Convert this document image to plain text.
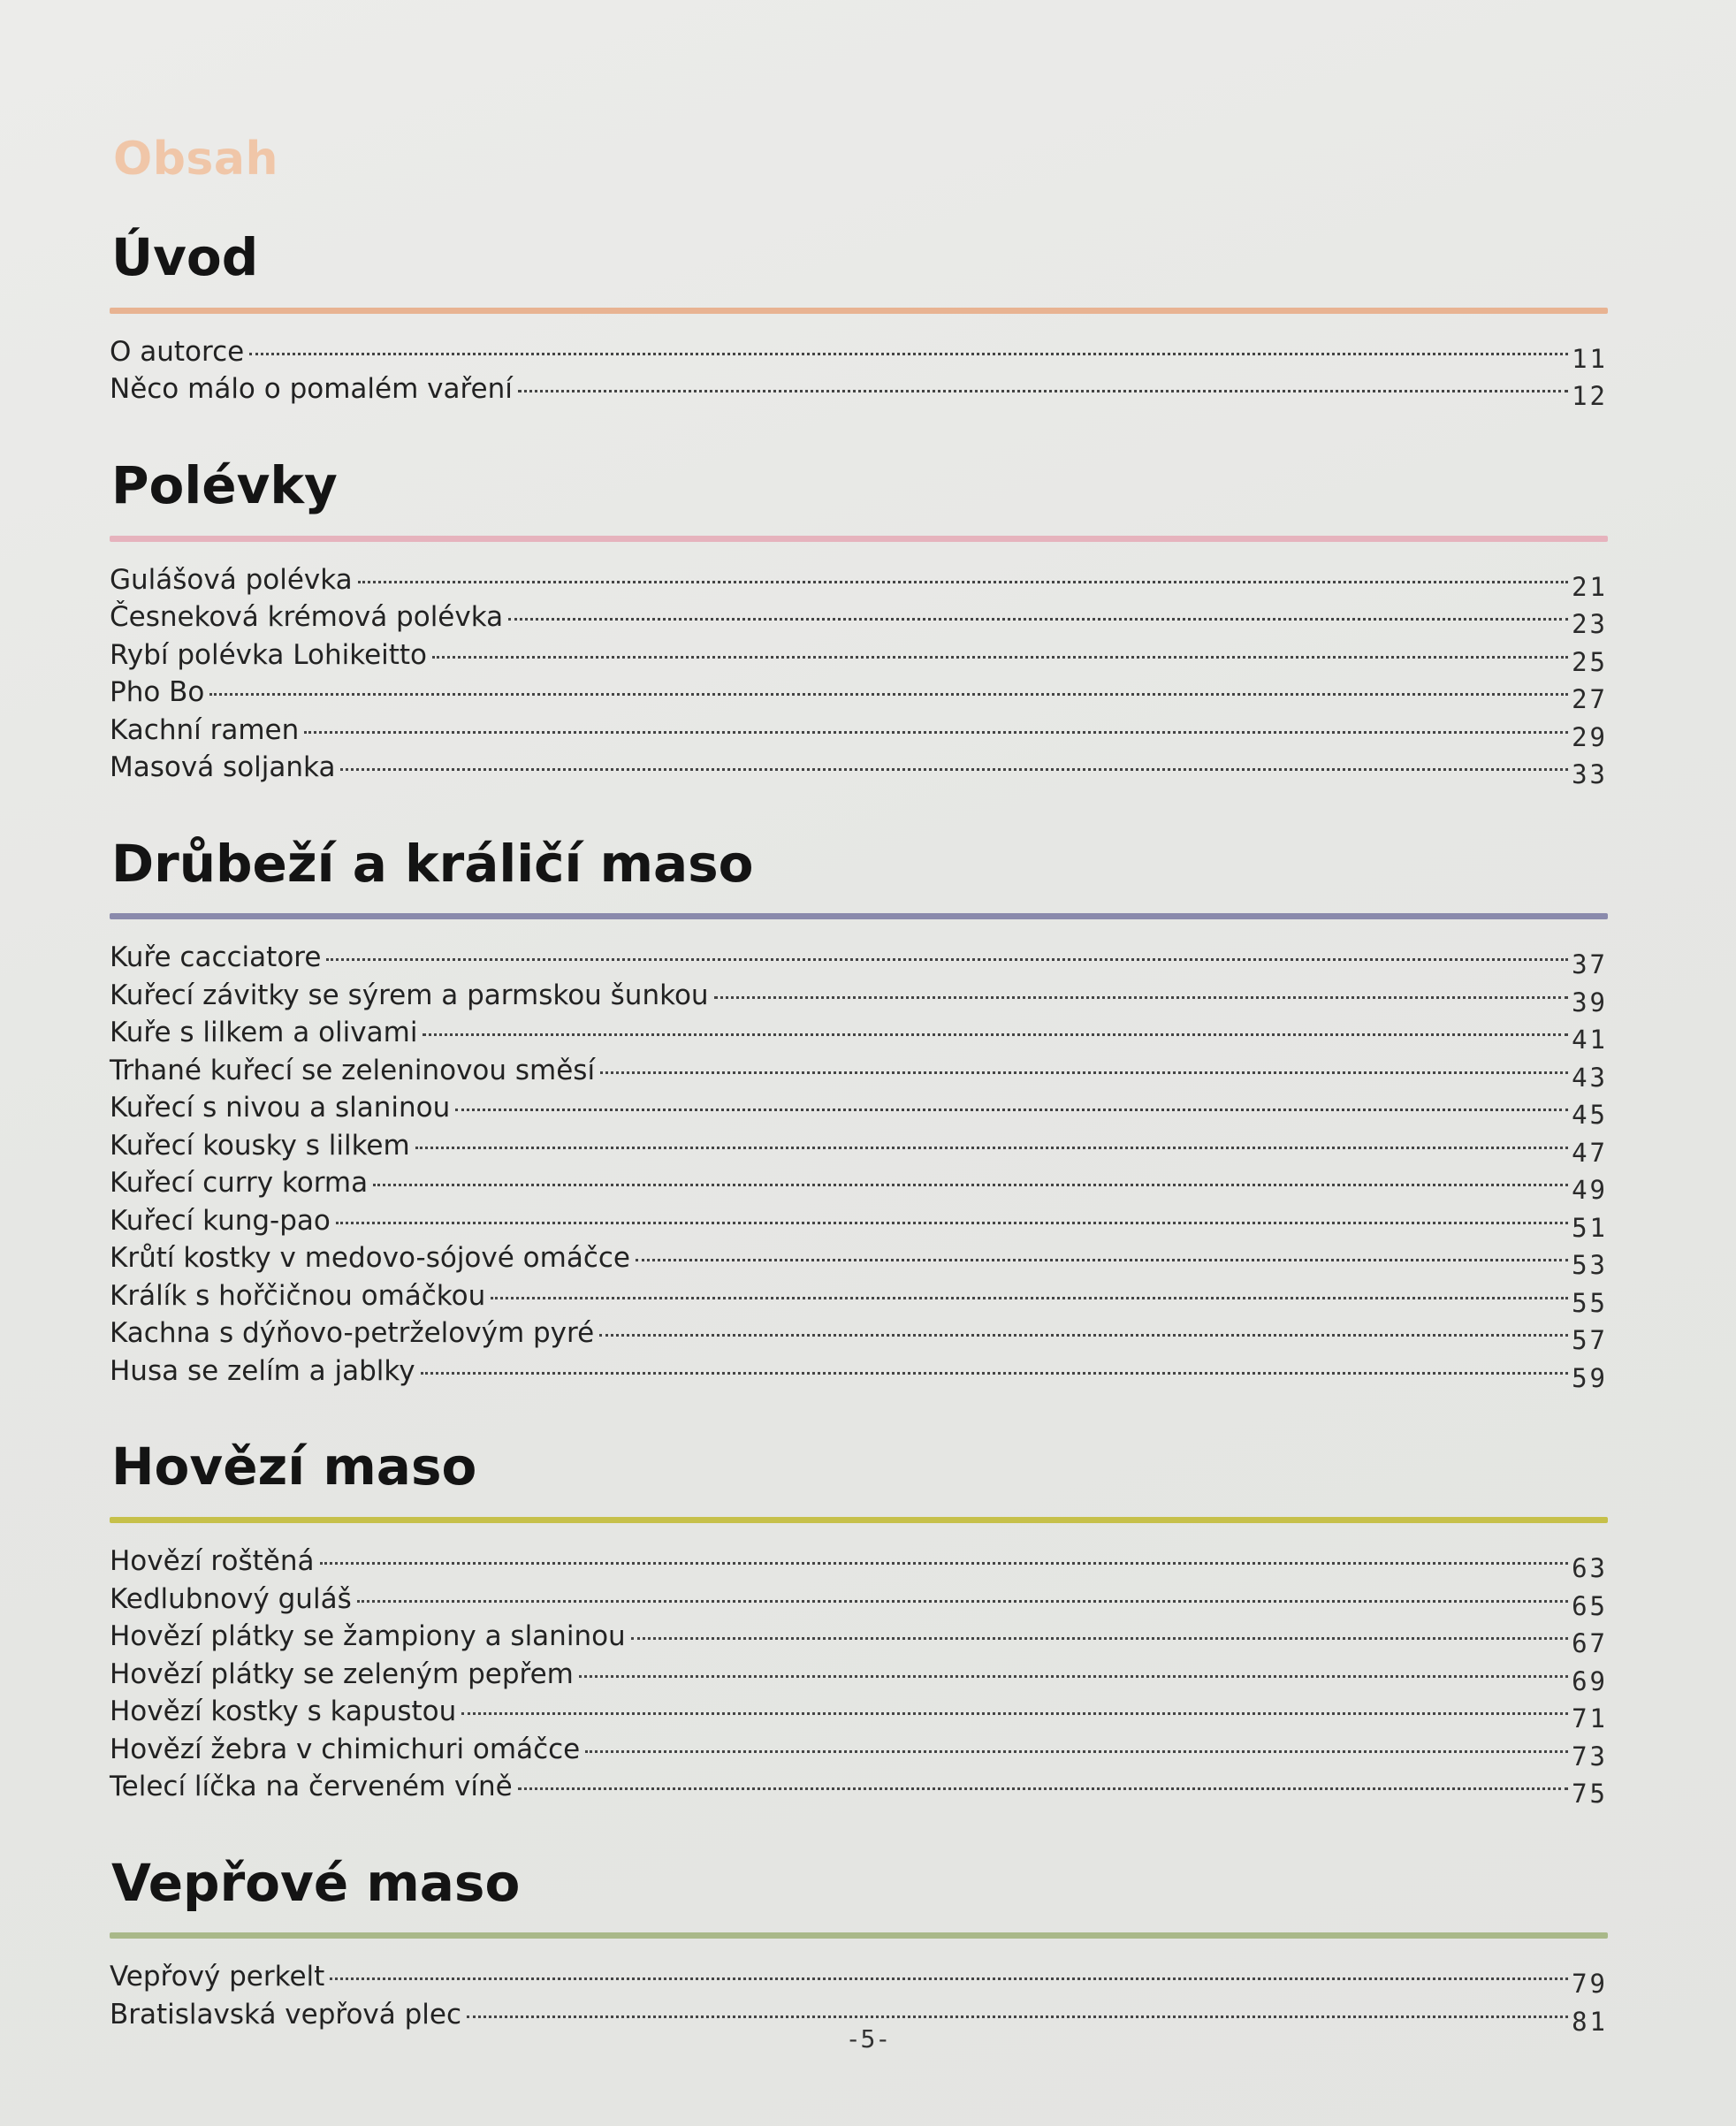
Obsah
Úvod
O autorce	11
Něco málo o pomalém vaření	12
Polévky
Gulášová polévka	21
Česneková krémová polévka	23
Rybí polévka Lohikeitto	25
Pho Bo	27
Kachní ramen	29
Masová soljanka	33
Drůbeží a králičí maso
Kuře cacciatore	37
Kuřecí závitky se sýrem a parmskou šunkou	39
Kuře s lilkem a olivami	41
Trhané kuřecí se zeleninovou směsí	43
Kuřecí s nivou a slaninou	45
Kuřecí kousky s lilkem	47
Kuřecí curry korma	49
Kuřecí kung-pao	51
Krůtí kostky v medovo-sójové omáčce	53
Králík s hořčičnou omáčkou	55
Kachna s dýňovo-petrželovým pyré	57
Husa se zelím a jablky	59
Hovězí maso
Hovězí roštěná	63
Kedlubnový guláš	65
Hovězí plátky se žampiony a slaninou	67
Hovězí plátky se zeleným pepřem	69
Hovězí kostky s kapustou	71
Hovězí žebra v chimichuri omáčce	73
Telecí líčka na červeném víně	75
Vepřové maso
Vepřový perkelt	79
Bratislavská vepřová plec	81
-5-
